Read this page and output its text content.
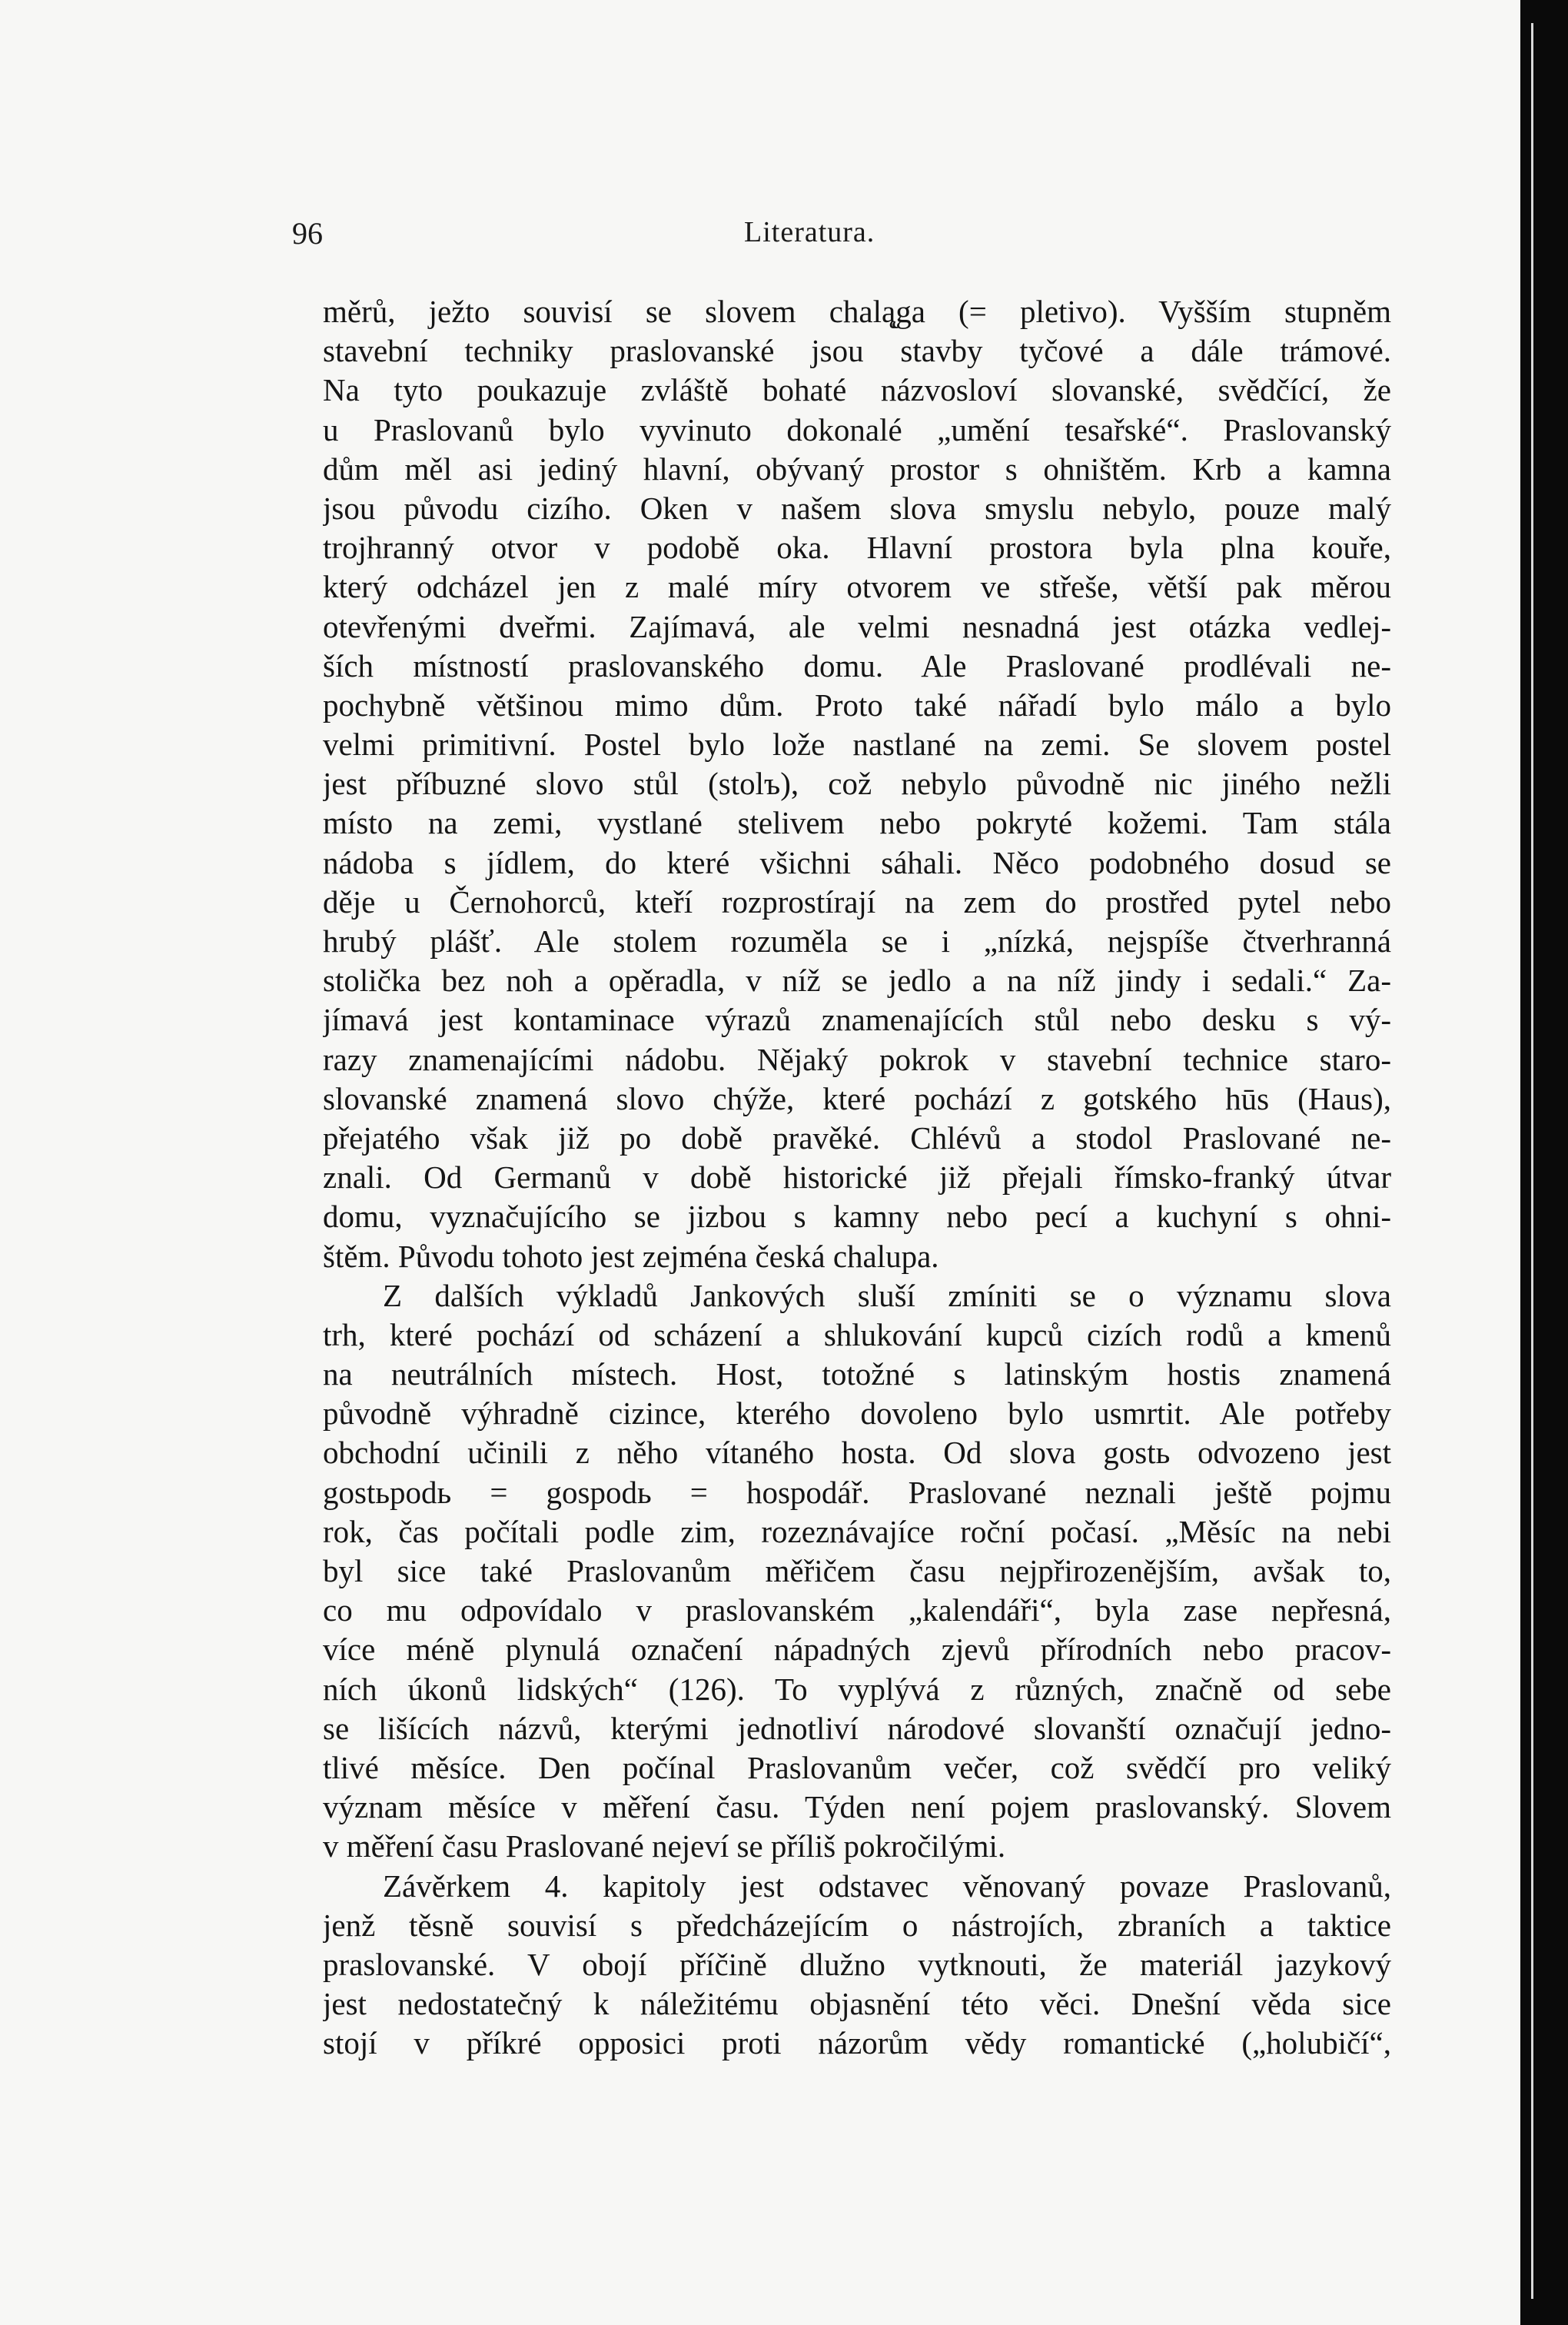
96	Literatura.
měrů, ježto souvisí se slovem chalą̨ga (= pletivo). Vyšším stupněm
stavební techniky praslovanské jsou stavby tyčové a dále trámové.
Na tyto poukazuje zvláště bohaté názvosloví slovanské, svědčící, že
u Praslovanů bylo vyvinuto dokonalé „umění tesařské“. Praslovanský
dům měl asi jediný hlavní, obývaný prostor s ohništěm. Krb a kamna
jsou původu cizího. Oken v našem slova smyslu nebylo, pouze malý
trojhranný otvor v podobě oka. Hlavní prostora byla plna kouře,
který odcházel jen z malé míry otvorem ve střeše, větší pak měrou
otevřenými dveřmi. Zajímavá, ale velmi nesnadná jest otázka vedlej-
ších místností praslovanského domu. Ale Praslované prodlévali ne-
pochybně většinou mimo dům. Proto také nářadí bylo málo a bylo
velmi primitivní. Postel bylo lože nastlané na zemi. Se slovem postel
jest příbuzné slovo stůl (stolъ), což nebylo původně nic jiného nežli
místo na zemi, vystlané stelivem nebo pokryté kožemi. Tam stála
nádoba s jídlem, do které všichni sáhali. Něco podobného dosud se
děje u Černohorců, kteří rozprostírají na zem do prostřed pytel nebo
hrubý plášť. Ale stolem rozuměla se i „nízká, nejspíše čtverhranná
stolička bez noh a opěradla, v níž se jedlo a na níž jindy i sedali.“ Za-
jímavá jest kontaminace výrazů znamenajících stůl nebo desku s vý-
razy znamenajícími nádobu. Nějaký pokrok v stavební technice staro-
slovanské znamená slovo chýže, které pochází z gotského hūs (Haus),
přejatého však již po době pravěké. Chlévů a stodol Praslované ne-
znali. Od Germanů v době historické již přejali římsko-franký útvar
domu, vyznačujícího se jizbou s kamny nebo pecí a kuchyní s ohni-
štěm. Původu tohoto jest zejména česká chalupa.
Z dalších výkladů Jankových sluší zmíniti se o významu slova
trh, které pochází od scházení a shlukování kupců cizích rodů a kmenů
na neutrálních místech. Host, totožné s latinským hostis znamená
původně výhradně cizince, kterého dovoleno bylo usmrtit. Ale potřeby
obchodní učinili z něho vítaného hosta. Od slova gostь odvozeno jest
gostьpodь = gospodь = hospodář. Praslované neznali ještě pojmu
rok, čas počítali podle zim, rozeznávajíce roční počasí. „Měsíc na nebi
byl sice také Praslovanům měřičem času nejpřirozenějším, avšak to,
co mu odpovídalo v praslovanském „kalendáři“, byla zase nepřesná,
více méně plynulá označení nápadných zjevů přírodních nebo pracov-
ních úkonů lidských“ (126). To vyplývá z různých, značně od sebe
se lišících názvů, kterými jednotliví národové slovanští označují jedno-
tlivé měsíce. Den počínal Praslovanům večer, což svědčí pro veliký
význam měsíce v měření času. Týden není pojem praslovanský. Slovem
v měření času Praslované nejeví se příliš pokročilými.
Závěrkem 4. kapitoly jest odstavec věnovaný povaze Praslovanů,
jenž těsně souvisí s předcházejícím o nástrojích, zbraních a taktice
praslovanské. V obojí příčině dlužno vytknouti, že materiál jazykový
jest nedostatečný k náležitému objasnění této věci. Dnešní věda sice
stojí v příkré opposici proti názorům vědy romantické („holubičí“,
